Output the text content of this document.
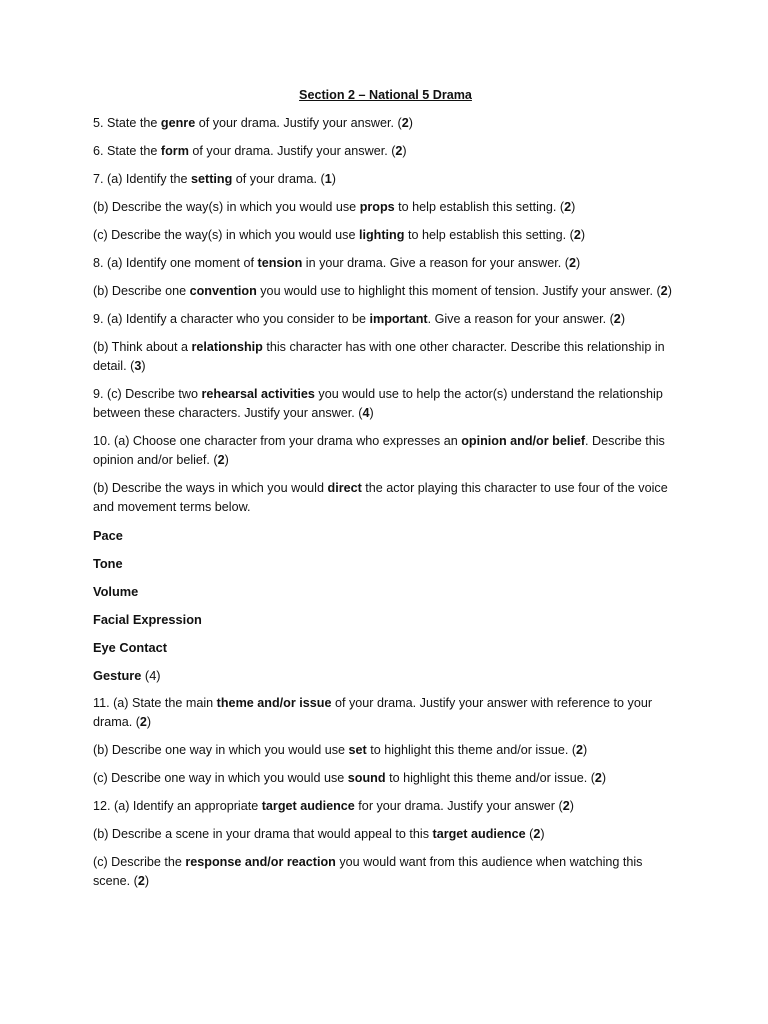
Section 2 – National 5 Drama
5. State the genre of your drama. Justify your answer. (2)
6. State the form of your drama. Justify your answer. (2)
7. (a) Identify the setting of your drama. (1)
(b) Describe the way(s) in which you would use props to help establish this setting. (2)
(c) Describe the way(s) in which you would use lighting to help establish this setting. (2)
8. (a) Identify one moment of tension in your drama. Give a reason for your answer. (2)
(b) Describe one convention you would use to highlight this moment of tension. Justify your answer. (2)
9. (a) Identify a character who you consider to be important. Give a reason for your answer. (2)
(b) Think about a relationship this character has with one other character. Describe this relationship in detail. (3)
9. (c) Describe two rehearsal activities you would use to help the actor(s) understand the relationship between these characters. Justify your answer. (4)
10. (a) Choose one character from your drama who expresses an opinion and/or belief. Describe this opinion and/or belief. (2)
(b) Describe the ways in which you would direct the actor playing this character to use four of the voice and movement terms below.
Pace
Tone
Volume
Facial Expression
Eye Contact
Gesture (4)
11. (a) State the main theme and/or issue of your drama. Justify your answer with reference to your drama. (2)
(b) Describe one way in which you would use set to highlight this theme and/or issue. (2)
(c) Describe one way in which you would use sound to highlight this theme and/or issue. (2)
12. (a) Identify an appropriate target audience for your drama. Justify your answer (2)
(b) Describe a scene in your drama that would appeal to this target audience (2)
(c) Describe the response and/or reaction you would want from this audience when watching this scene. (2)
